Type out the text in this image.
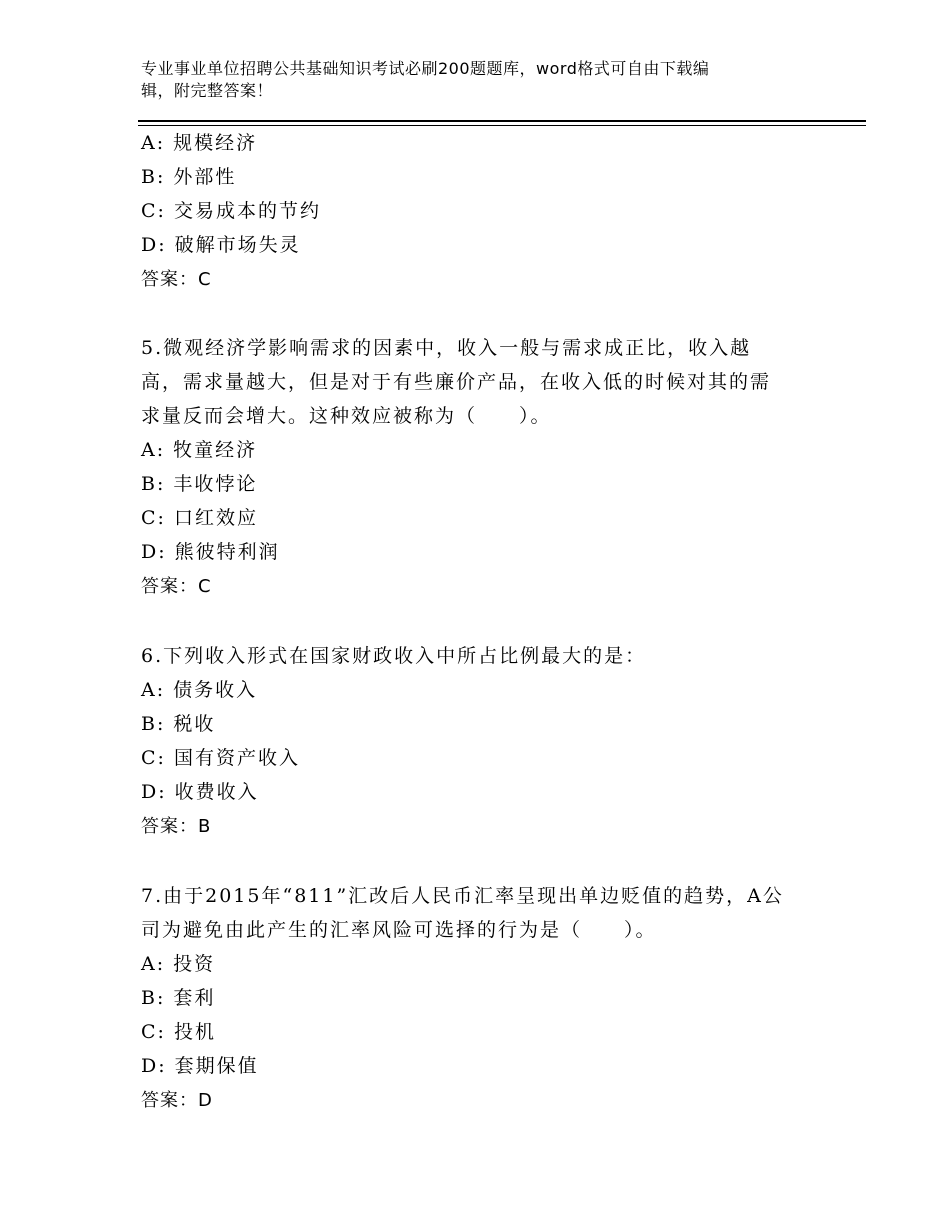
专业事业单位招聘公共基础知识考试必刷200题题库，word格式可自由下载编
辑，附完整答案！
A: 规模经济
B: 外部性
C: 交易成本的节约
D: 破解市场失灵
答案：C
5.微观经济学影响需求的因素中，收入一般与需求成正比，收入越
高，需求量越大，但是对于有些廉价产品，在收入低的时候对其的需
求量反而会增大。这种效应被称为（　　）。
A: 牧童经济
B: 丰收悖论
C: 口红效应
D: 熊彼特利润
答案：C
6.下列收入形式在国家财政收入中所占比例最大的是：
A: 债务收入
B: 税收
C: 国有资产收入
D: 收费收入
答案：B
7.由于2015年“811”汇改后人民币汇率呈现出单边贬值的趋势，A公
司为避免由此产生的汇率风险可选择的行为是（　　）。
A: 投资
B: 套利
C: 投机
D: 套期保值
答案：D
